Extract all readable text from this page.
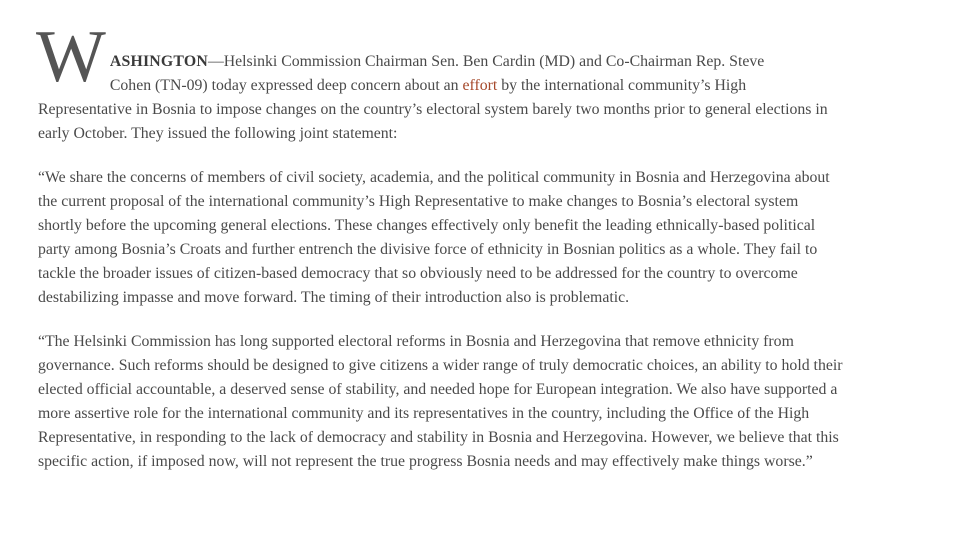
W ASHINGTON—Helsinki Commission Chairman Sen. Ben Cardin (MD) and Co-Chairman Rep. Steve
Cohen (TN-09) today expressed deep concern about an effort by the international community’s High Representative in Bosnia to impose changes on the country’s electoral system barely two months prior to general elections in early October. They issued the following joint statement:

“We share the concerns of members of civil society, academia, and the political community in Bosnia and Herzegovina about the current proposal of the international community’s High Representative to make changes to Bosnia’s electoral system shortly before the upcoming general elections. These changes effectively only benefit the leading ethnically-based political party among Bosnia’s Croats and further entrench the divisive force of ethnicity in Bosnian politics as a whole. They fail to tackle the broader issues of citizen-based democracy that so obviously need to be addressed for the country to overcome destabilizing impasse and move forward. The timing of their introduction also is problematic.

“The Helsinki Commission has long supported electoral reforms in Bosnia and Herzegovina that remove ethnicity from governance. Such reforms should be designed to give citizens a wider range of truly democratic choices, an ability to hold their elected official accountable, a deserved sense of stability, and needed hope for European integration. We also have supported a more assertive role for the international community and its representatives in the country, including the Office of the High Representative, in responding to the lack of democracy and stability in Bosnia and Herzegovina. However, we believe that this specific action, if imposed now, will not represent the true progress Bosnia needs and may effectively make things worse.”
